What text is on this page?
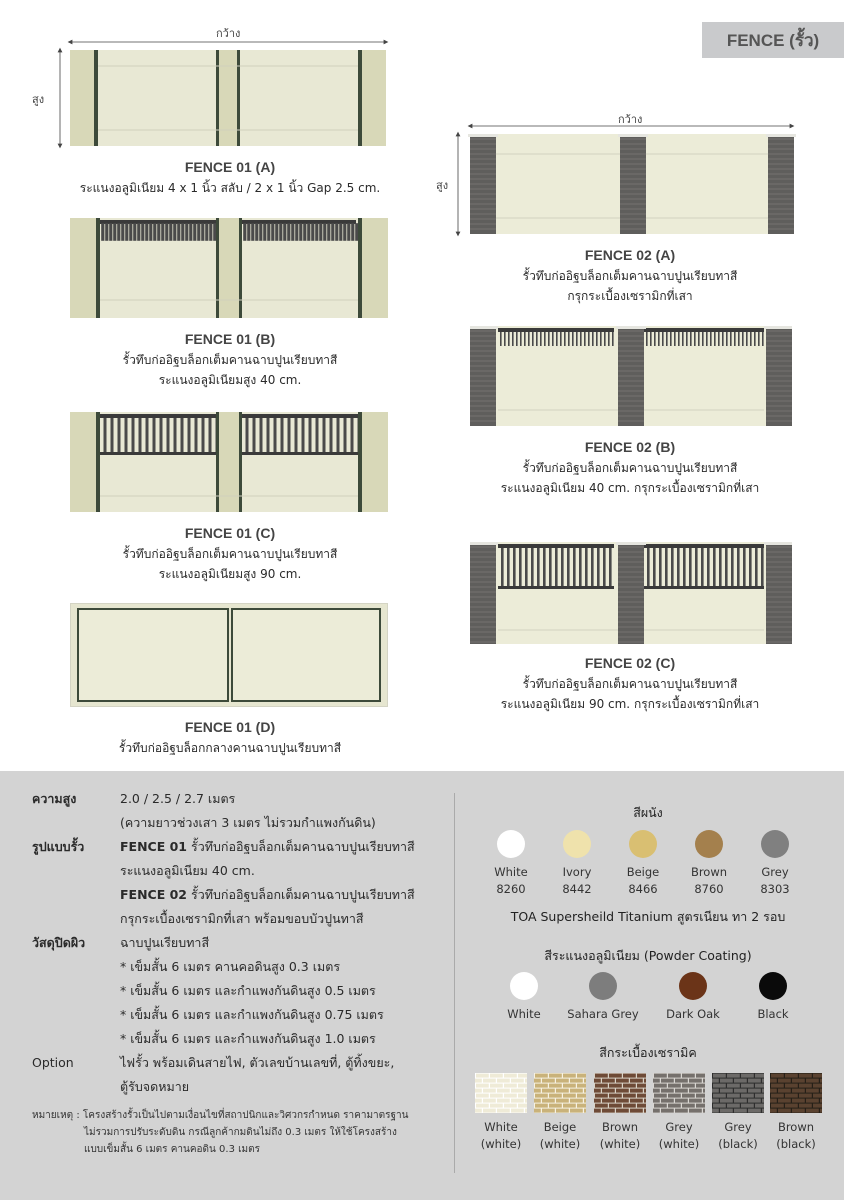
FENCE (รั้ว)
กว้าง
สูง
FENCE 01 (A)
ระแนงอลูมิเนียม 4 x 1 นิ้ว สลับ / 2 x 1 นิ้ว Gap 2.5 cm.
FENCE 01 (B)
รั้วทึบก่ออิฐบล็อกเต็มคานฉาบปูนเรียบทาสี
ระแนงอลูมิเนียมสูง 40 cm.
FENCE 01 (C)
รั้วทึบก่ออิฐบล็อกเต็มคานฉาบปูนเรียบทาสี
ระแนงอลูมิเนียมสูง 90 cm.
FENCE 01 (D)
รั้วทึบก่ออิฐบล็อกกลางคานฉาบปูนเรียบทาสี
กว้าง
สูง
FENCE 02 (A)
รั้วทึบก่ออิฐบล็อกเต็มคานฉาบปูนเรียบทาสี
กรุกระเบื้องเซรามิกที่เสา
FENCE 02 (B)
รั้วทึบก่ออิฐบล็อกเต็มคานฉาบปูนเรียบทาสี
ระแนงอลูมิเนียม 40 cm. กรุกระเบื้องเซรามิกที่เสา
FENCE 02 (C)
รั้วทึบก่ออิฐบล็อกเต็มคานฉาบปูนเรียบทาสี
ระแนงอลูมิเนียม 90 cm. กรุกระเบื้องเซรามิกที่เสา
ความสูง	2.0 / 2.5 / 2.7 เมตร
(ความยาวช่วงเสา 3 เมตร ไม่รวมกำแพงกันดิน)
รูปแบบรั้ว	FENCE 01 รั้วทึบก่ออิฐบล็อกเต็มคานฉาบปูนเรียบทาสี
ระแนงอลูมิเนียม 40 cm.
FENCE 02 รั้วทึบก่ออิฐบล็อกเต็มคานฉาบปูนเรียบทาสี
กรุกระเบื้องเซรามิกที่เสา พร้อมขอบบัวปูนทาสี
วัสดุปิดผิว	ฉาบปูนเรียบทาสี
* เข็มสั้น 6 เมตร คานคอดินสูง 0.3 เมตร
* เข็มสั้น 6 เมตร และกำแพงกันดินสูง 0.5 เมตร
* เข็มสั้น 6 เมตร และกำแพงกันดินสูง 0.75 เมตร
* เข็มสั้น 6 เมตร และกำแพงกันดินสูง 1.0 เมตร
Option	ไฟรั้ว พร้อมเดินสายไฟ, ตัวเลขบ้านเลขที่, ตู้ทิ้งขยะ,
ตู้รับจดหมาย
หมายเหตุ : โครงสร้างรั้วเป็นไปตามเงื่อนไขที่สถาปนิกและวิศวกรกำหนด ราคามาตรฐาน
ไม่รวมการปรับระดับดิน กรณีลูกค้ากมดินไม่ถึง 0.3 เมตร ให้ใช้โครงสร้าง
แบบเข็มสั้น 6 เมตร คานคอดิน 0.3 เมตร
สีผนัง
White
8260
Ivory
8442
Beige
8466
Brown
8760
Grey
8303
TOA Supersheild Titanium สูตรเนียน ทา 2 รอบ
สีระแนงอลูมิเนียม (Powder Coating)
White	Sahara Grey	Dark Oak	Black
สีกระเบื้องเซรามิค
White
(white)
Beige
(white)
Brown
(white)
Grey
(white)
Grey
(black)
Brown
(black)
